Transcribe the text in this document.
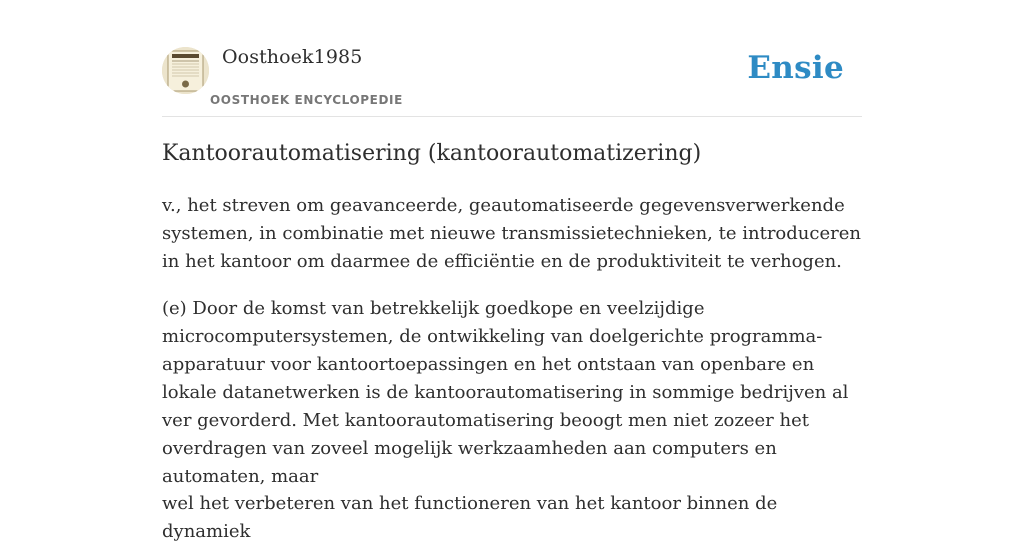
Oosthoek1985
OOSTHOEK ENCYCLOPEDIE
Ensie
Kantoorautomatisering (kantoorautomatizering)

v., het streven om geavanceerde, geautomatiseerde gegevensverwerkende systemen, in combinatie met nieuwe transmissietechnieken, te introduceren in het kantoor om daarmee de efficiëntie en de produktiviteit te verhogen.

(e) Door de komst van betrekkelijk goedkope en veelzijdige microcomputersystemen, de ontwikkeling van doelgerichte programma-apparatuur voor kantoortoepassingen en het ontstaan van openbare en lokale datanetwerken is de kantoorautomatisering in sommige bedrijven al ver gevorderd. Met kantoorautomatisering beoogt men niet zozeer het overdragen van zoveel mogelijk werkzaamheden aan computers en automaten, maar

wel het verbeteren van het functioneren van het kantoor binnen de dynamiek
